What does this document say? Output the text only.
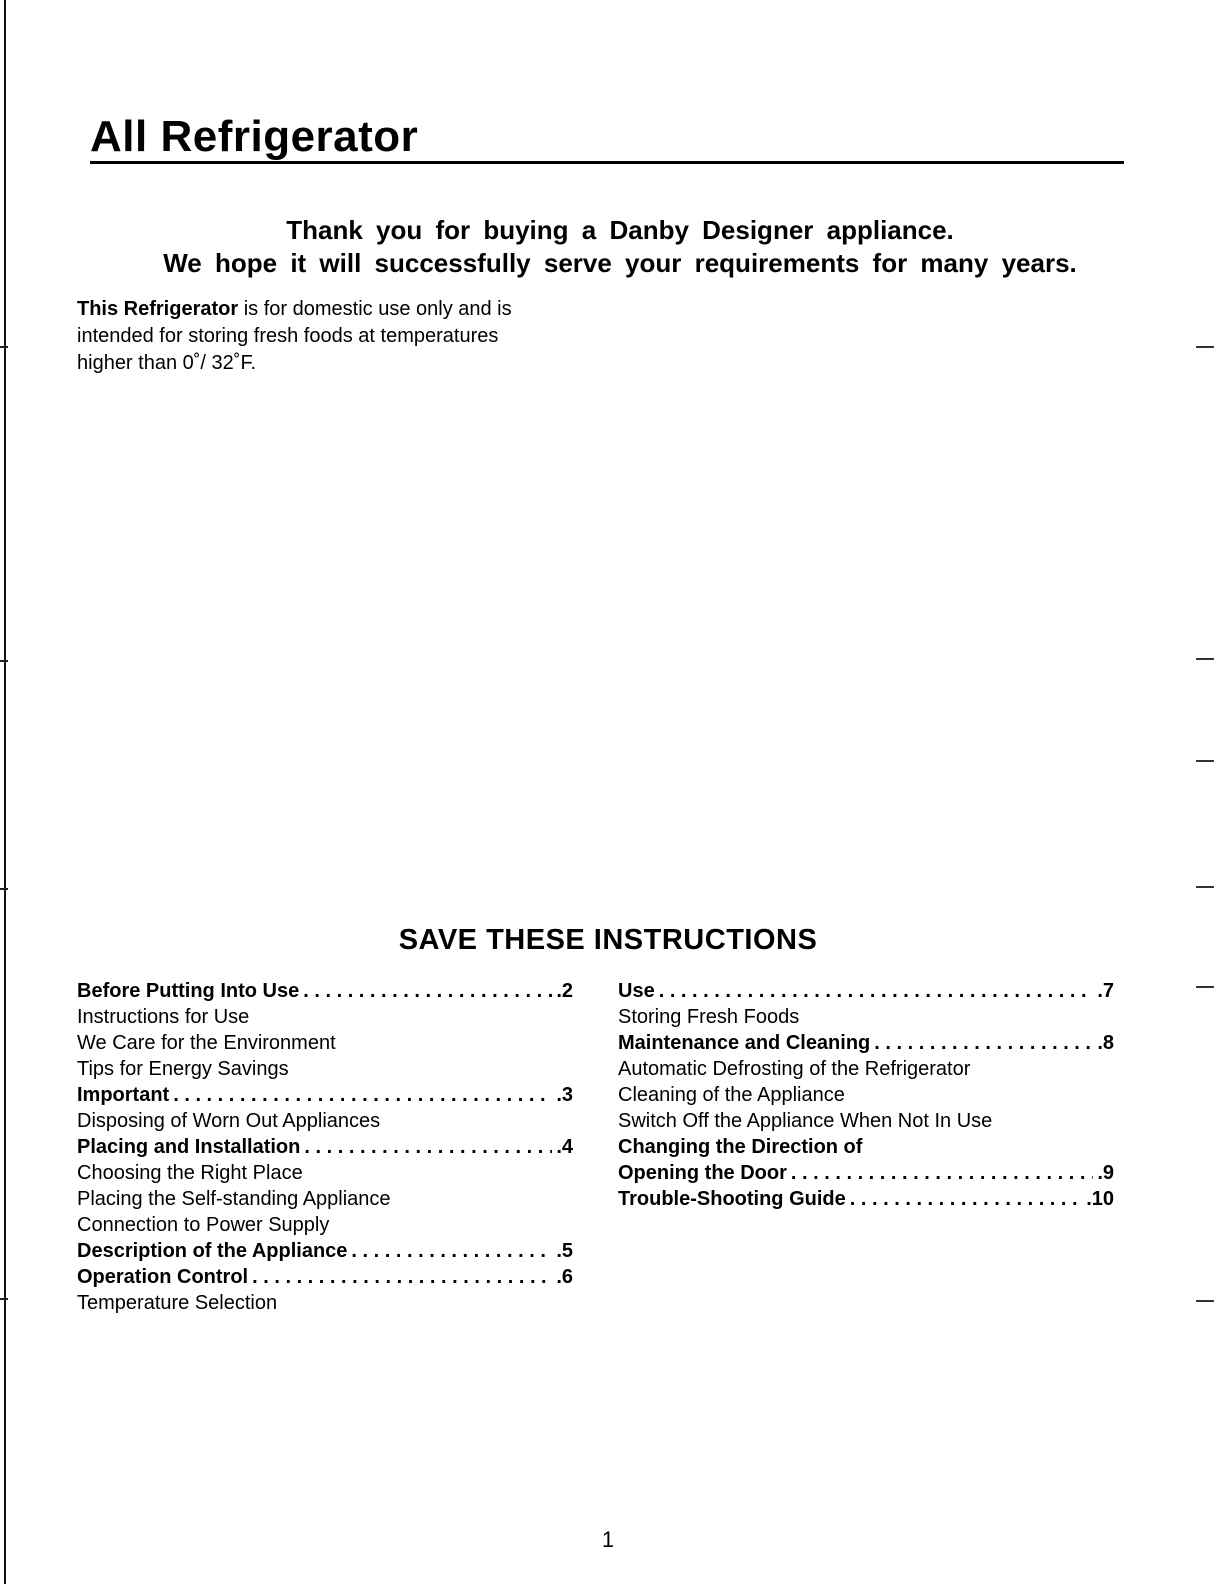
All Refrigerator
Thank you for buying a Danby Designer appliance.
We hope it will successfully serve your requirements for many years.
This Refrigerator is for domestic use only and is
intended for storing fresh foods at temperatures
higher than 0˚/ 32˚F.
SAVE THESE INSTRUCTIONS
Before Putting Into Use . . .	.2
Instructions for Use
We Care for the Environment
Tips for Energy Savings
Important . . .	.3
Disposing of Worn Out Appliances
Placing and Installation . . .	.4
Choosing the Right Place
Placing the Self-standing Appliance
Connection to Power Supply
Description of the Appliance . . .	.5
Operation Control . . .	.6
Temperature Selection
Use . . .	.7
Storing Fresh Foods
Maintenance and Cleaning . . .	.8
Automatic Defrosting of the Refrigerator
Cleaning of the Appliance
Switch Off the Appliance When Not In Use
Changing the Direction of
Opening the Door . . .	.9
Trouble-Shooting Guide . . .	.10
1
